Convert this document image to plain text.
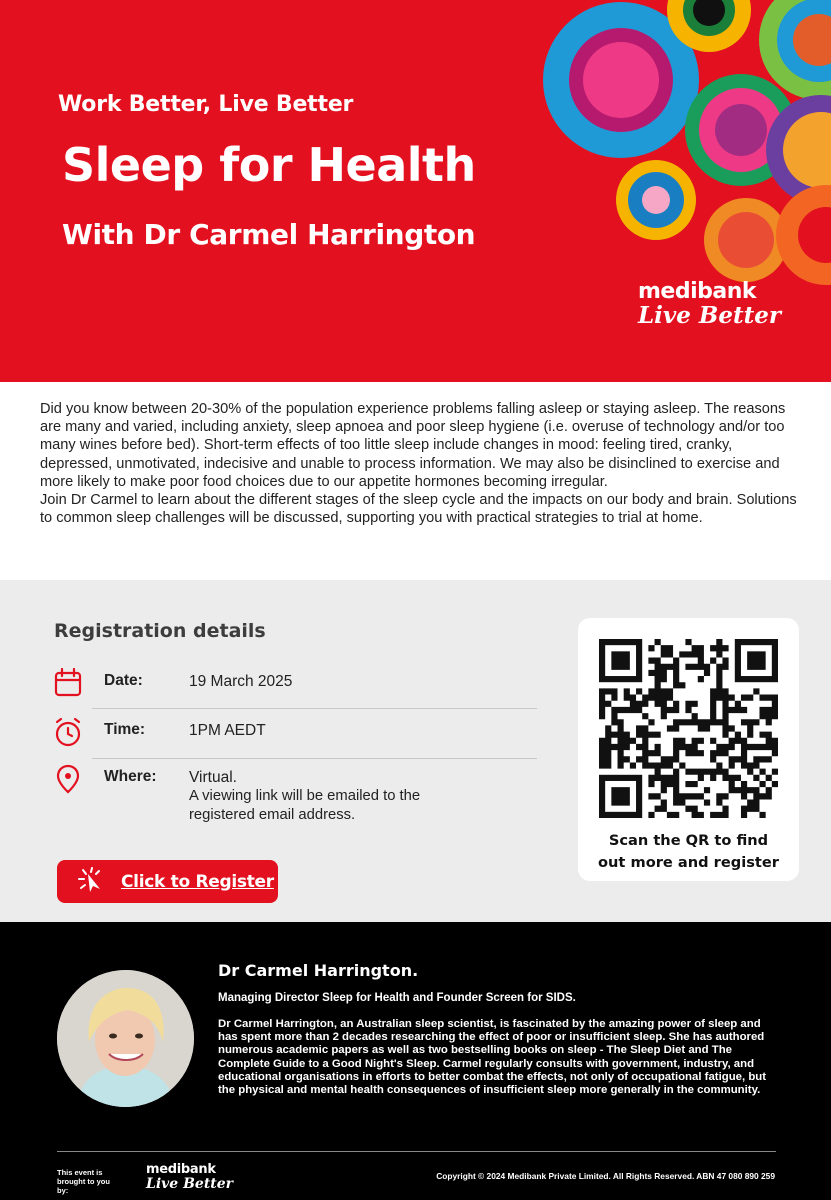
Work Better, Live Better
Sleep for Health
With Dr Carmel Harrington
medibank
Live Better

Did you know between 20-30% of the population experience problems falling asleep or staying asleep. The reasons are many and varied, including anxiety, sleep apnoea and poor sleep hygiene (i.e. overuse of technology and/or too many wines before bed). Short-term effects of too little sleep include changes in mood: feeling tired, cranky, depressed, unmotivated, indecisive and unable to process information. We may also be disinclined to exercise and more likely to make poor food choices due to our appetite hormones becoming irregular.

Join Dr Carmel to learn about the different stages of the sleep cycle and the impacts on our body and brain. Solutions to common sleep challenges will be discussed, supporting you with practical strategies to trial at home.

Registration details
Date:	19 March 2025
Time:	1PM AEDT
Where: Virtual.
A viewing link will be emailed to the registered email address.
Click to Register
Scan the QR to find
out more and register
Dr Carmel Harrington.
Managing Director Sleep for Health and Founder Screen for SIDS.
Dr Carmel Harrington, an Australian sleep scientist, is fascinated by the amazing power of sleep and has spent more than 2 decades researching the effect of poor or insufficient sleep. She has authored numerous academic papers as well as two bestselling books on sleep - The Sleep Diet and The Complete Guide to a Good Night's Sleep. Carmel regularly consults with government, industry, and educational organisations in efforts to better combat the effects, not only of occupational fatigue, but the physical and mental health consequences of insufficient sleep more generally in the community.
This event is brought to you by:
medibank
Live Better	Copyright © 2024 Medibank Private Limited. All Rights Reserved. ABN 47 080 890 259
